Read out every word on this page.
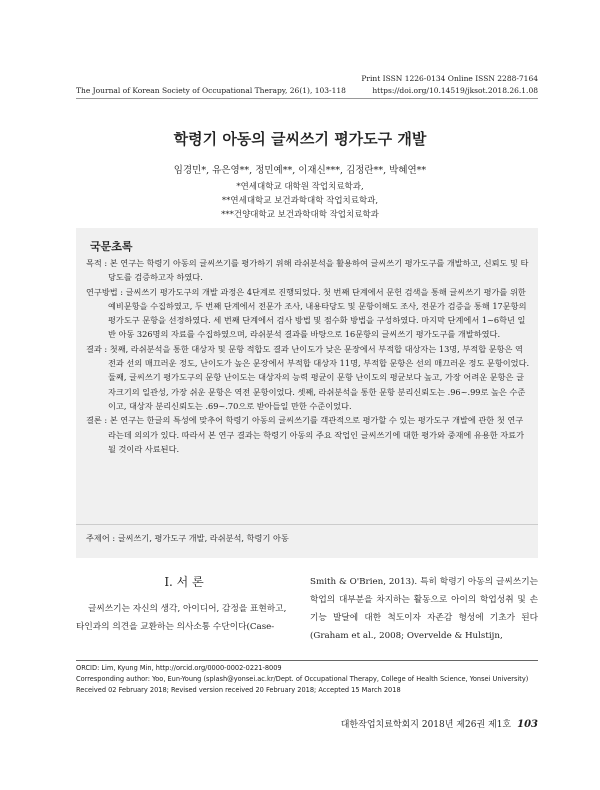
Print ISSN 1226-0134 Online ISSN 2288-7164
The Journal of Korean Society of Occupational Therapy, 26(1), 103-118	https://doi.org/10.14519/jksot.2018.26.1.08
학령기 아동의 글씨쓰기 평가도구 개발
임경민*, 유은영**, 정민예**, 이재신***, 김정란**, 박혜연**
*연세대학교 대학원 작업치료학과,
**연세대학교 보건과학대학 작업치료학과,
***건양대학교 보건과학대학 작업치료학과
국문초록

목적 : 본 연구는 학령기 아동의 글씨쓰기를 평가하기 위해 라쉬분석을 활용하여 글씨쓰기 평가도구를 개발하고, 신뢰도 및 타당도를 검증하고자 하였다.

연구방법 : 글씨쓰기 평가도구의 개발 과정은 4단계로 진행되었다. 첫 번째 단계에서 문헌 검색을 통해 글씨쓰기 평가를 위한 예비문항을 수집하였고, 두 번째 단계에서 전문가 조사, 내용타당도 및 문항이해도 조사, 전문가 검증을 통해 17문항의 평가도구 문항을 선정하였다. 세 번째 단계에서 검사 방법 및 점수화 방법을 구성하였다. 마지막 단계에서 1~6학년 일반 아동 326명의 자료를 수집하였으며, 라쉬분석 결과를 바탕으로 16문항의 글씨쓰기 평가도구를 개발하였다.

결과 : 첫째, 라쉬분석을 통한 대상자 및 문항 적합도 결과 난이도가 낮은 문장에서 부적합 대상자는 13명, 부적합 문항은 역전과 선의 매끄러운 정도, 난이도가 높은 문장에서 부적합 대상자 11명, 부적합 문항은 선의 매끄러운 정도 문항이었다. 둘째, 글씨쓰기 평가도구의 문항 난이도는 대상자의 능력 평균이 문항 난이도의 평균보다 높고, 가장 어려운 문항은 글자크기의 일관성, 가장 쉬운 문항은 역전 문항이었다. 셋째, 라쉬분석을 통한 문항 분리신뢰도는 .96~.99로 높은 수준이고, 대상자 분리신뢰도는 .69~.70으로 받아들일 만한 수준이었다.

결론 : 본 연구는 한글의 특성에 맞추어 학령기 아동의 글씨쓰기를 객관적으로 평가할 수 있는 평가도구 개발에 관한 첫 연구라는데 의의가 있다. 따라서 본 연구 결과는 학령기 아동의 주요 작업인 글씨쓰기에 대한 평가와 중재에 유용한 자료가 될 것이라 사료된다.

주제어 : 글씨쓰기, 평가도구 개발, 라쉬분석, 학령기 아동
Ⅰ. 서 론
글씨쓰기는 자신의 생각, 아이디어, 감정을 표현하고, 타인과의 의견을 교환하는 의사소통 수단이다(Case-
Smith & O'Brien, 2013). 특히 학령기 아동의 글씨쓰기는 학업의 대부분을 차지하는 활동으로 아이의 학업성취 및 손 기능 발달에 대한 척도이자 자존감 형성에 기초가 된다(Graham et al., 2008; Overvelde & Hulstijn,
ORCID: Lim, Kyung Min, http://orcid.org/0000-0002-0221-8009
Corresponding author: Yoo, Eun-Young (splash@yonsei.ac.kr/Dept. of Occupational Therapy, College of Health Science, Yonsei University)
Received 02 February 2018; Revised version received 20 February 2018; Accepted 15 March 2018
대한작업치료학회지 2018년 제26권 제1호 103
